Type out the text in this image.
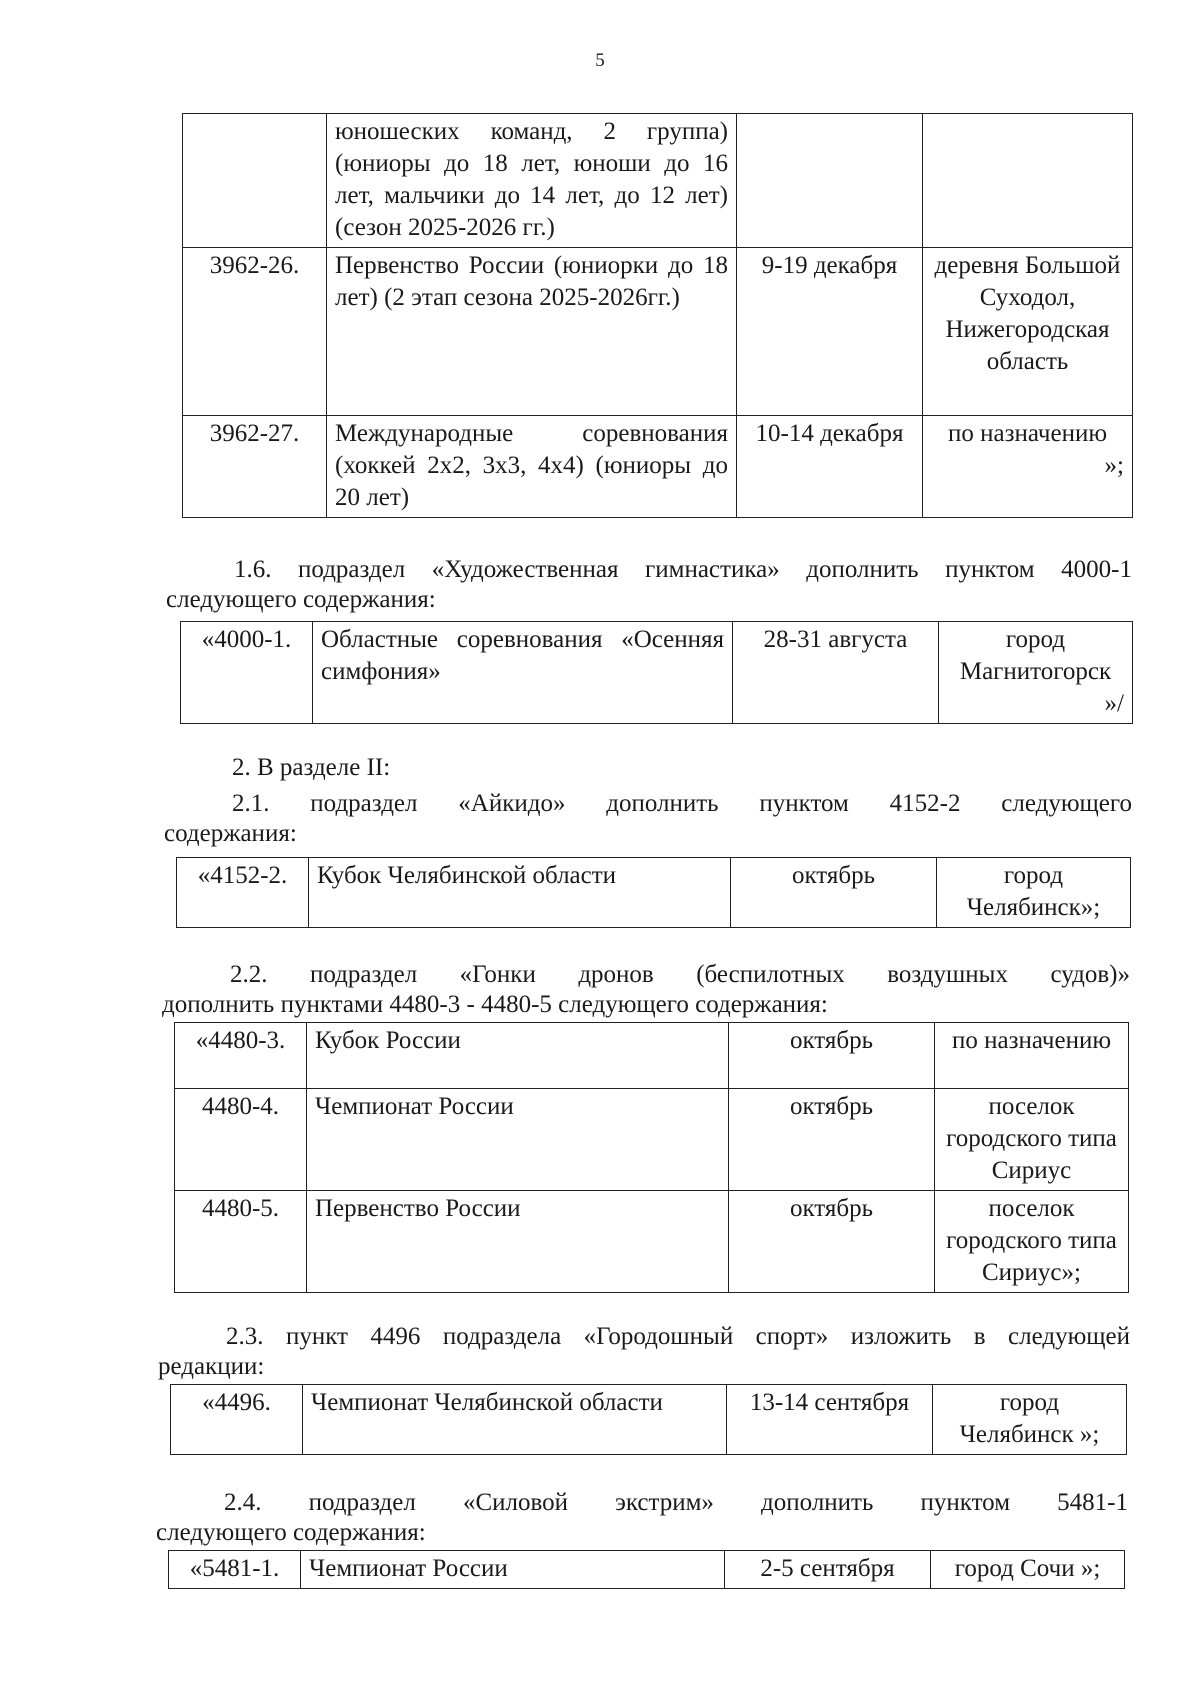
5
	юношеских команд, 2 группа) (юниоры до 18 лет, юноши до 16 лет, мальчики до 14 лет, до 12 лет) (сезон 2025-2026 гг.)		
3962-26.	Первенство России (юниорки до 18 лет) (2 этап сезона 2025-2026гг.)	9-19 декабря	деревня Большой Суходол, Нижегородская область
3962-27.	Международные соревнования (хоккей 2х2, 3х3, 4х4) (юниоры до 20 лет)	10-14 декабря	по назначению
»;

1.6. подраздел «Художественная гимнастика» дополнить пунктом 4000-1
следующего содержания:

«4000-1.	Областные соревнования «Осенняя симфония»	28-31 августа	город Магнитогорск
»/

2. В разделе II:

2.1. подраздел «Айкидо» дополнить пунктом 4152-2 следующего
содержания:

«4152-2.	Кубок Челябинской области	октябрь	город Челябинск»;

2.2. подраздел «Гонки дронов (беспилотных воздушных судов)»
дополнить пунктами 4480-3 - 4480-5 следующего содержания:

«4480-3.	Кубок России	октябрь	по назначению
4480-4.	Чемпионат России	октябрь	поселок городского типа Сириус
4480-5.	Первенство России	октябрь	поселок городского типа Сириус»;

2.3. пункт 4496 подраздела «Городошный спорт» изложить в следующей
редакции:

«4496.	Чемпионат Челябинской области	13-14 сентября	город Челябинск »;

2.4. подраздел «Силовой экстрим» дополнить пунктом 5481-1
следующего содержания:

«5481-1.	Чемпионат России	2-5 сентября	город Сочи »;
